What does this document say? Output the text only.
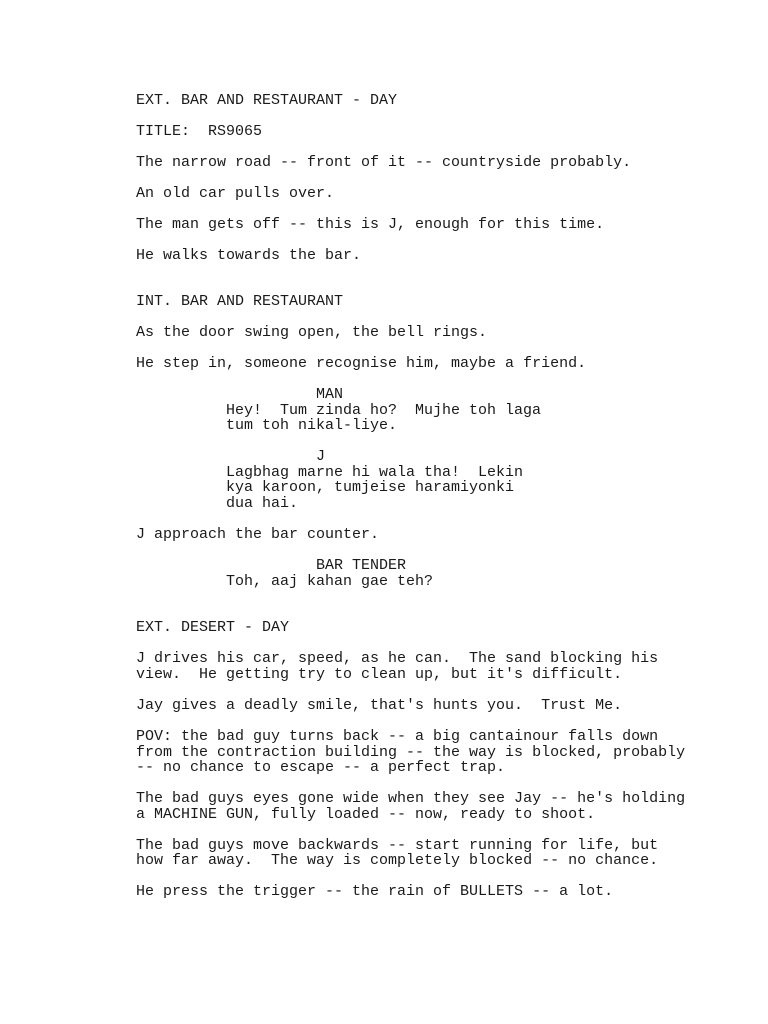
EXT. BAR AND RESTAURANT - DAY

TITLE:  RS9065

The narrow road -- front of it -- countryside probably.

An old car pulls over.

The man gets off -- this is J, enough for this time.

He walks towards the bar.

INT. BAR AND RESTAURANT

As the door swing open, the bell rings.

He step in, someone recognise him, maybe a friend.

MAN

Hey!  Tum zinda ho?  Mujhe toh laga

tum toh nikal-liye.

J

Lagbhag marne hi wala tha!  Lekin

kya karoon, tumjeise haramiyonki

dua hai.

J approach the bar counter.

BAR TENDER

Toh, aaj kahan gae teh?

EXT. DESERT - DAY

J drives his car, speed, as he can.  The sand blocking his

view.  He getting try to clean up, but it's difficult.

Jay gives a deadly smile, that's hunts you.  Trust Me.

POV: the bad guy turns back -- a big cantainour falls down

from the contraction building -- the way is blocked, probably

-- no chance to escape -- a perfect trap.

The bad guys eyes gone wide when they see Jay -- he's holding

a MACHINE GUN, fully loaded -- now, ready to shoot.

The bad guys move backwards -- start running for life, but

how far away.  The way is completely blocked -- no chance.

He press the trigger -- the rain of BULLETS -- a lot.
